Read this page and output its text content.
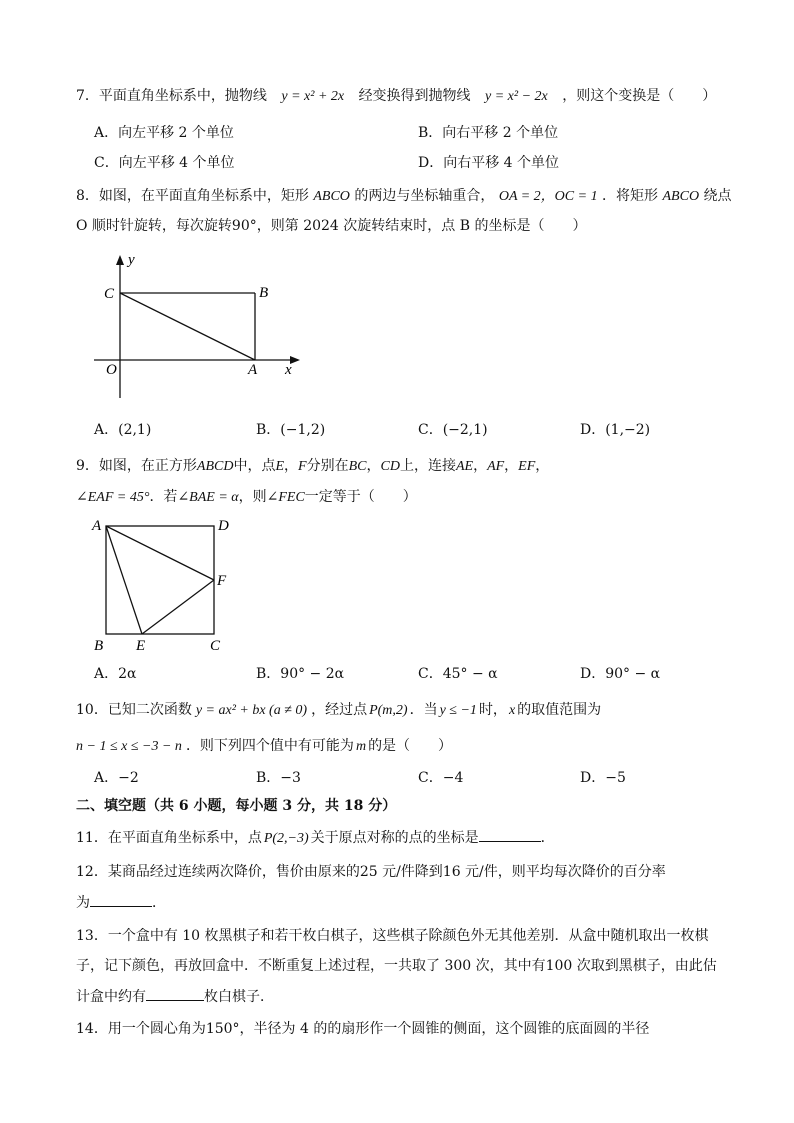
7．平面直角坐标系中，抛物线 y = x² + 2x 经变换得到抛物线 y = x² − 2x ，则这个变换是（　　）
A．向左平移 2 个单位	B．向右平移 2 个单位
C．向左平移 4 个单位	D．向右平移 4 个单位
8．如图，在平面直角坐标系中，矩形 ABCO 的两边与坐标轴重合， OA = 2，OC = 1 ．将矩形 ABCO 绕点
O 顺时针旋转，每次旋转90°，则第 2024 次旋转结束时，点 B 的坐标是（　　）
y
x
C	B
O	A
A．(2,1)	B．(−1,2)	C．(−2,1)	D．(1,−2)
9．如图，在正方形ABCD中，点E，F分别在BC，CD上，连接AE，AF，EF，
∠EAF = 45°．若∠BAE = α，则∠FEC一定等于（　　）
A	D
F
B E	C
A．2α	B．90° − 2α	C．45° − α	D．90° − α
10．已知二次函数 y = ax² + bx (a ≠ 0) ，经过点 P(m,2) ．当 y ≤ −1 时， x 的取值范围为
n − 1 ≤ x ≤ −3 − n ．则下列四个值中有可能为 m 的是（　　）
A．−2	B．−3	C．−4	D．−5
二、填空题（共 6 小题，每小题 3 分，共 18 分）
11．在平面直角坐标系中，点 P(2,−3) 关于原点对称的点的坐标是	．
12．某商品经过连续两次降价，售价由原来的25 元/件降到16 元/件，则平均每次降价的百分率
为	．
13．一个盒中有 10 枚黑棋子和若干枚白棋子，这些棋子除颜色外无其他差别．从盒中随机取出一枚棋
子，记下颜色，再放回盒中．不断重复上述过程，一共取了 300 次，其中有100 次取到黑棋子，由此估
计盒中约有	枚白棋子．
14．用一个圆心角为150°，半径为 4 的的扇形作一个圆锥的侧面，这个圆锥的底面圆的半径
